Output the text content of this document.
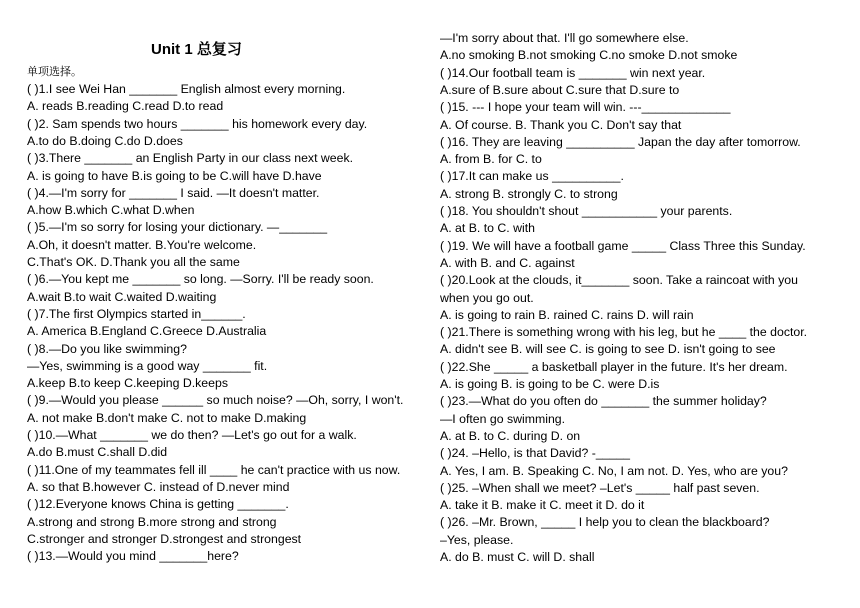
Unit 1 总复习
单项选择。
( )1.I see Wei Han _______ English almost every morning.
A. reads B.reading C.read D.to read
( )2. Sam spends two hours _______ his homework every day.
A.to do B.doing C.do D.does
( )3.There _______ an English Party in our class next week.
A. is going to have B.is going to be C.will have D.have
( )4.—I'm sorry for _______ I said. —It doesn't matter.
A.how B.which C.what D.when
( )5.—I'm so sorry for losing your dictionary. —_______
A.Oh, it doesn't matter. B.You're welcome.
C.That's OK. D.Thank you all the same
( )6.—You kept me _______ so long. —Sorry. I'll be ready soon.
A.wait B.to wait C.waited D.waiting
( )7.The first Olympics started in______.
A. America B.England C.Greece D.Australia
( )8.—Do you like swimming?
—Yes, swimming is a good way _______ fit.
A.keep B.to keep C.keeping D.keeps
( )9.—Would you please ______ so much noise? —Oh, sorry, I won't.
A. not make B.don't make C. not to make D.making
( )10.—What _______ we do then? —Let's go out for a walk.
A.do B.must C.shall D.did
( )11.One of my teammates fell ill ____ he can't practice with us now.
A. so that B.however C. instead of D.never mind
( )12.Everyone knows China is getting _______.
A.strong and strong B.more strong and strong
C.stronger and stronger D.strongest and strongest
( )13.—Would you mind _______here?
—I'm sorry about that. I'll go somewhere else.
A.no smoking B.not smoking C.no smoke D.not smoke
( )14.Our football team is _______ win next year.
A.sure of B.sure about C.sure that D.sure to
( )15. --- I hope your team will win. ---_____________
A. Of course. B. Thank you C. Don't say that
( )16. They are leaving __________ Japan the day after tomorrow.
A. from B. for C. to
( )17.It can make us __________.
A. strong B. strongly C. to strong
( )18. You shouldn't shout ___________ your parents.
A. at B. to C. with
( )19. We will have a football game _____ Class Three this Sunday.
A. with B. and C. against
( )20.Look at the clouds, it_______ soon. Take a raincoat with you
when you go out.
A. is going to rain B. rained C. rains D. will rain
( )21.There is something wrong with his leg, but he ____ the doctor.
A. didn't see B. will see C. is going to see D. isn't going to see
( )22.She _____ a basketball player in the future. It's her dream.
A. is going B. is going to be C. were D.is
( )23.—What do you often do _______ the summer holiday?
—I often go swimming.
A. at B. to C. during D. on
( )24. –Hello, is that David? -_____
A. Yes, I am. B. Speaking C. No, I am not. D. Yes, who are you?
( )25. –When shall we meet? –Let's _____ half past seven.
A. take it B. make it C. meet it D. do it
( )26. –Mr. Brown, _____ I help you to clean the blackboard?
–Yes, please.
A. do B. must C. will D. shall
